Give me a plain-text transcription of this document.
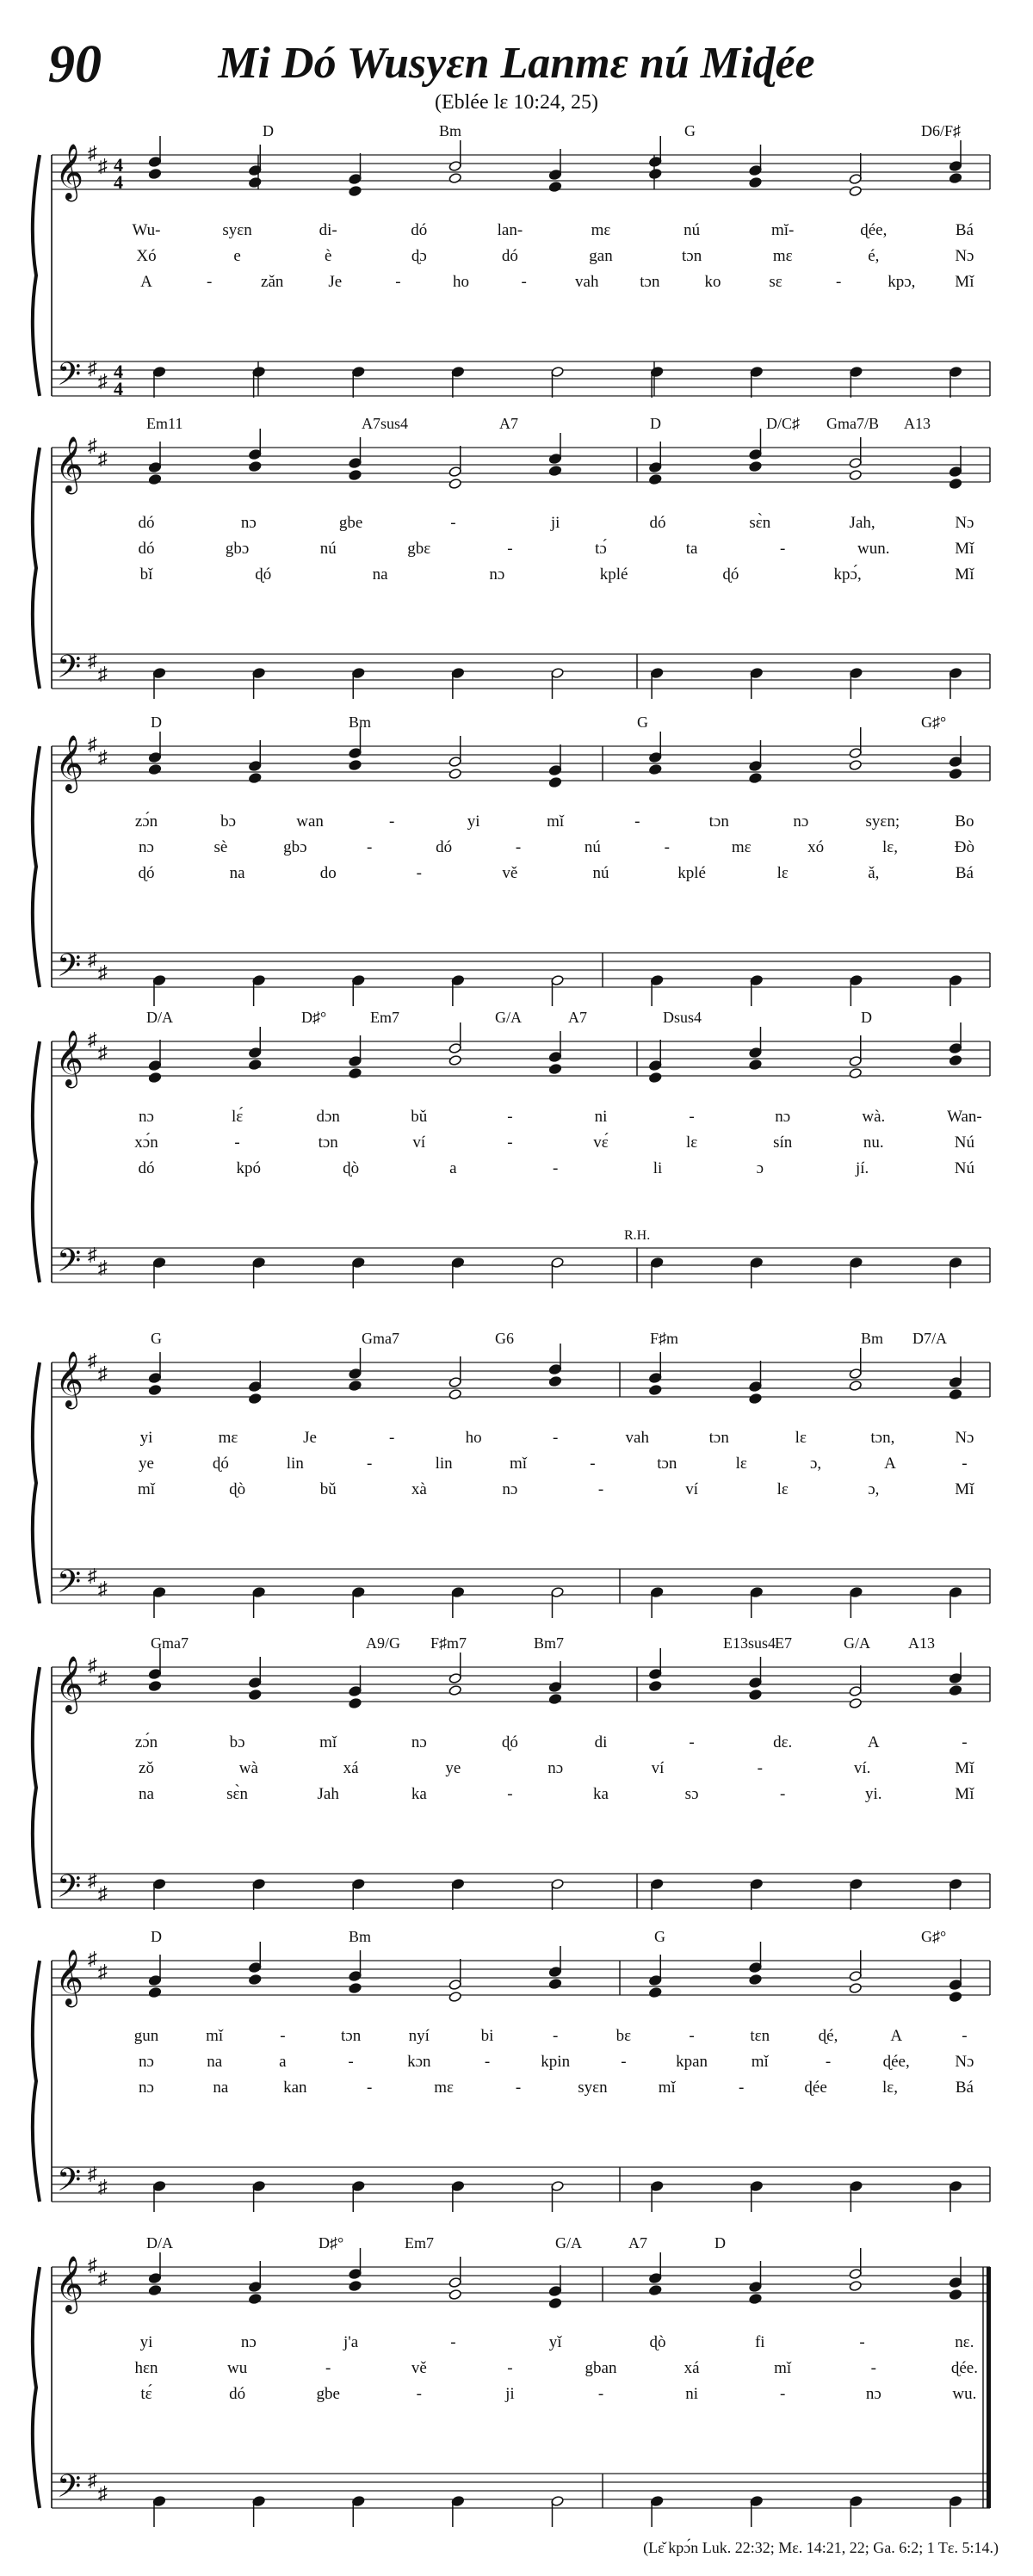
90	Mi Dó Wusyɛn Lanmɛ nú Miɖée
(Eblée lɛ 10:24, 25)
𝄞
𝄢
♯
♯
♯
♯
4
4
4
4
D	Bm	G	D6/F♯
Wu-	syɛn	di-	dó	lan-	mɛ	nú	mĭ-	ɖée,	Bá
Xó	e	è	ɖɔ	dó	gan	tɔn	mɛ	é,	Nɔ
A	-	zǎn	Je	-	ho	-	vah	tɔn	ko	sɛ	-	kpɔ, Mǐ
𝄞
𝄢
♯
♯
♯
♯
Em11	A7sus4	A7	D	D/C♯ Gma7/B A13
dó	nɔ	gbe	-	ji	dó	sɛ̀n	Jah,	Nɔ
dó	gbɔ	nú	gbɛ	-	tɔ́	ta	-	wun.	Mǐ
bǐ	ɖó	na	nɔ	kplé	ɖó	kpɔ́,	Mǐ
𝄞
𝄢
♯
♯
♯
♯
D	Bm	G	G♯°
zɔ́n	bɔ	wan	-	yi	mǐ	-	tɔn	nɔ	syɛn;	Bo
nɔ	sè	gbɔ	-	dó	-	nú	-	mɛ	xó	lɛ,	Ðò
ɖó	na	do	-	vě	nú	kplé	lɛ	ǎ,	Bá
𝄞
𝄢
♯
♯
♯
♯
D/A	D♯°	Em7	G/A	A7	Dsus4	D
R.H.
nɔ	lɛ́	dɔn	bǔ	-	ni	-	nɔ	wà.	Wan-
xɔ́n	-	tɔn	ví	-	vɛ́	lɛ	sín	nu.	Nú
dó	kpó	ɖò	a	-	li	ɔ	jí.	Nú
𝄞
𝄢
♯
♯
♯
♯
G	Gma7	G6	F♯m	Bm D7/A
yi	mɛ	Je	-	ho	-	vah	tɔn	lɛ	tɔn,	Nɔ
ye	ɖó	lin	-	lin	mǐ	-	tɔn	lɛ	ɔ,	A	-
mǐ	ɖò	bǔ	xà	nɔ	-	ví	lɛ	ɔ,	Mǐ
𝄞
𝄢
♯
♯
♯
♯
Gma7	A9/G F♯m7	Bm7	E13sus4
E7	G/A A13
zɔ́n	bɔ	mǐ	nɔ	ɖó	di	-	dɛ.	A	-
zǒ	wà	xá	ye	nɔ	ví	-	ví.	Mǐ
na	sɛ̀n	Jah	ka	-	ka	sɔ	-	yi.	Mǐ
𝄞
𝄢
♯
♯
♯
♯
D	Bm	G	G♯°
gun	mǐ	-	tɔn	nyí	bi	-	bɛ	-	tɛn	ɖé,	A	-
nɔ	na	a	-	kɔn	-	kpin	-	kpan	mǐ	-	ɖée,	Nɔ
nɔ	na	kan	-	mɛ	-	syɛn	mǐ	-	ɖée	lɛ,	Bá
𝄞
𝄢
♯
♯
♯
♯
D/A	D♯°	Em7	G/A	A7	D
yi	nɔ	j'a	-	yǐ	ɖò	fi	-	nɛ.
hɛn	wu	-	vě	-	gban	xá	mǐ	-	ɖée.
tɛ́	dó	gbe	-	ji	-	ni	-	nɔ	wu.
(Lɛ̌ kpɔ́n Luk. 22:32; Mɛ. 14:21, 22; Ga. 6:2; 1 Tɛ. 5:14.)
